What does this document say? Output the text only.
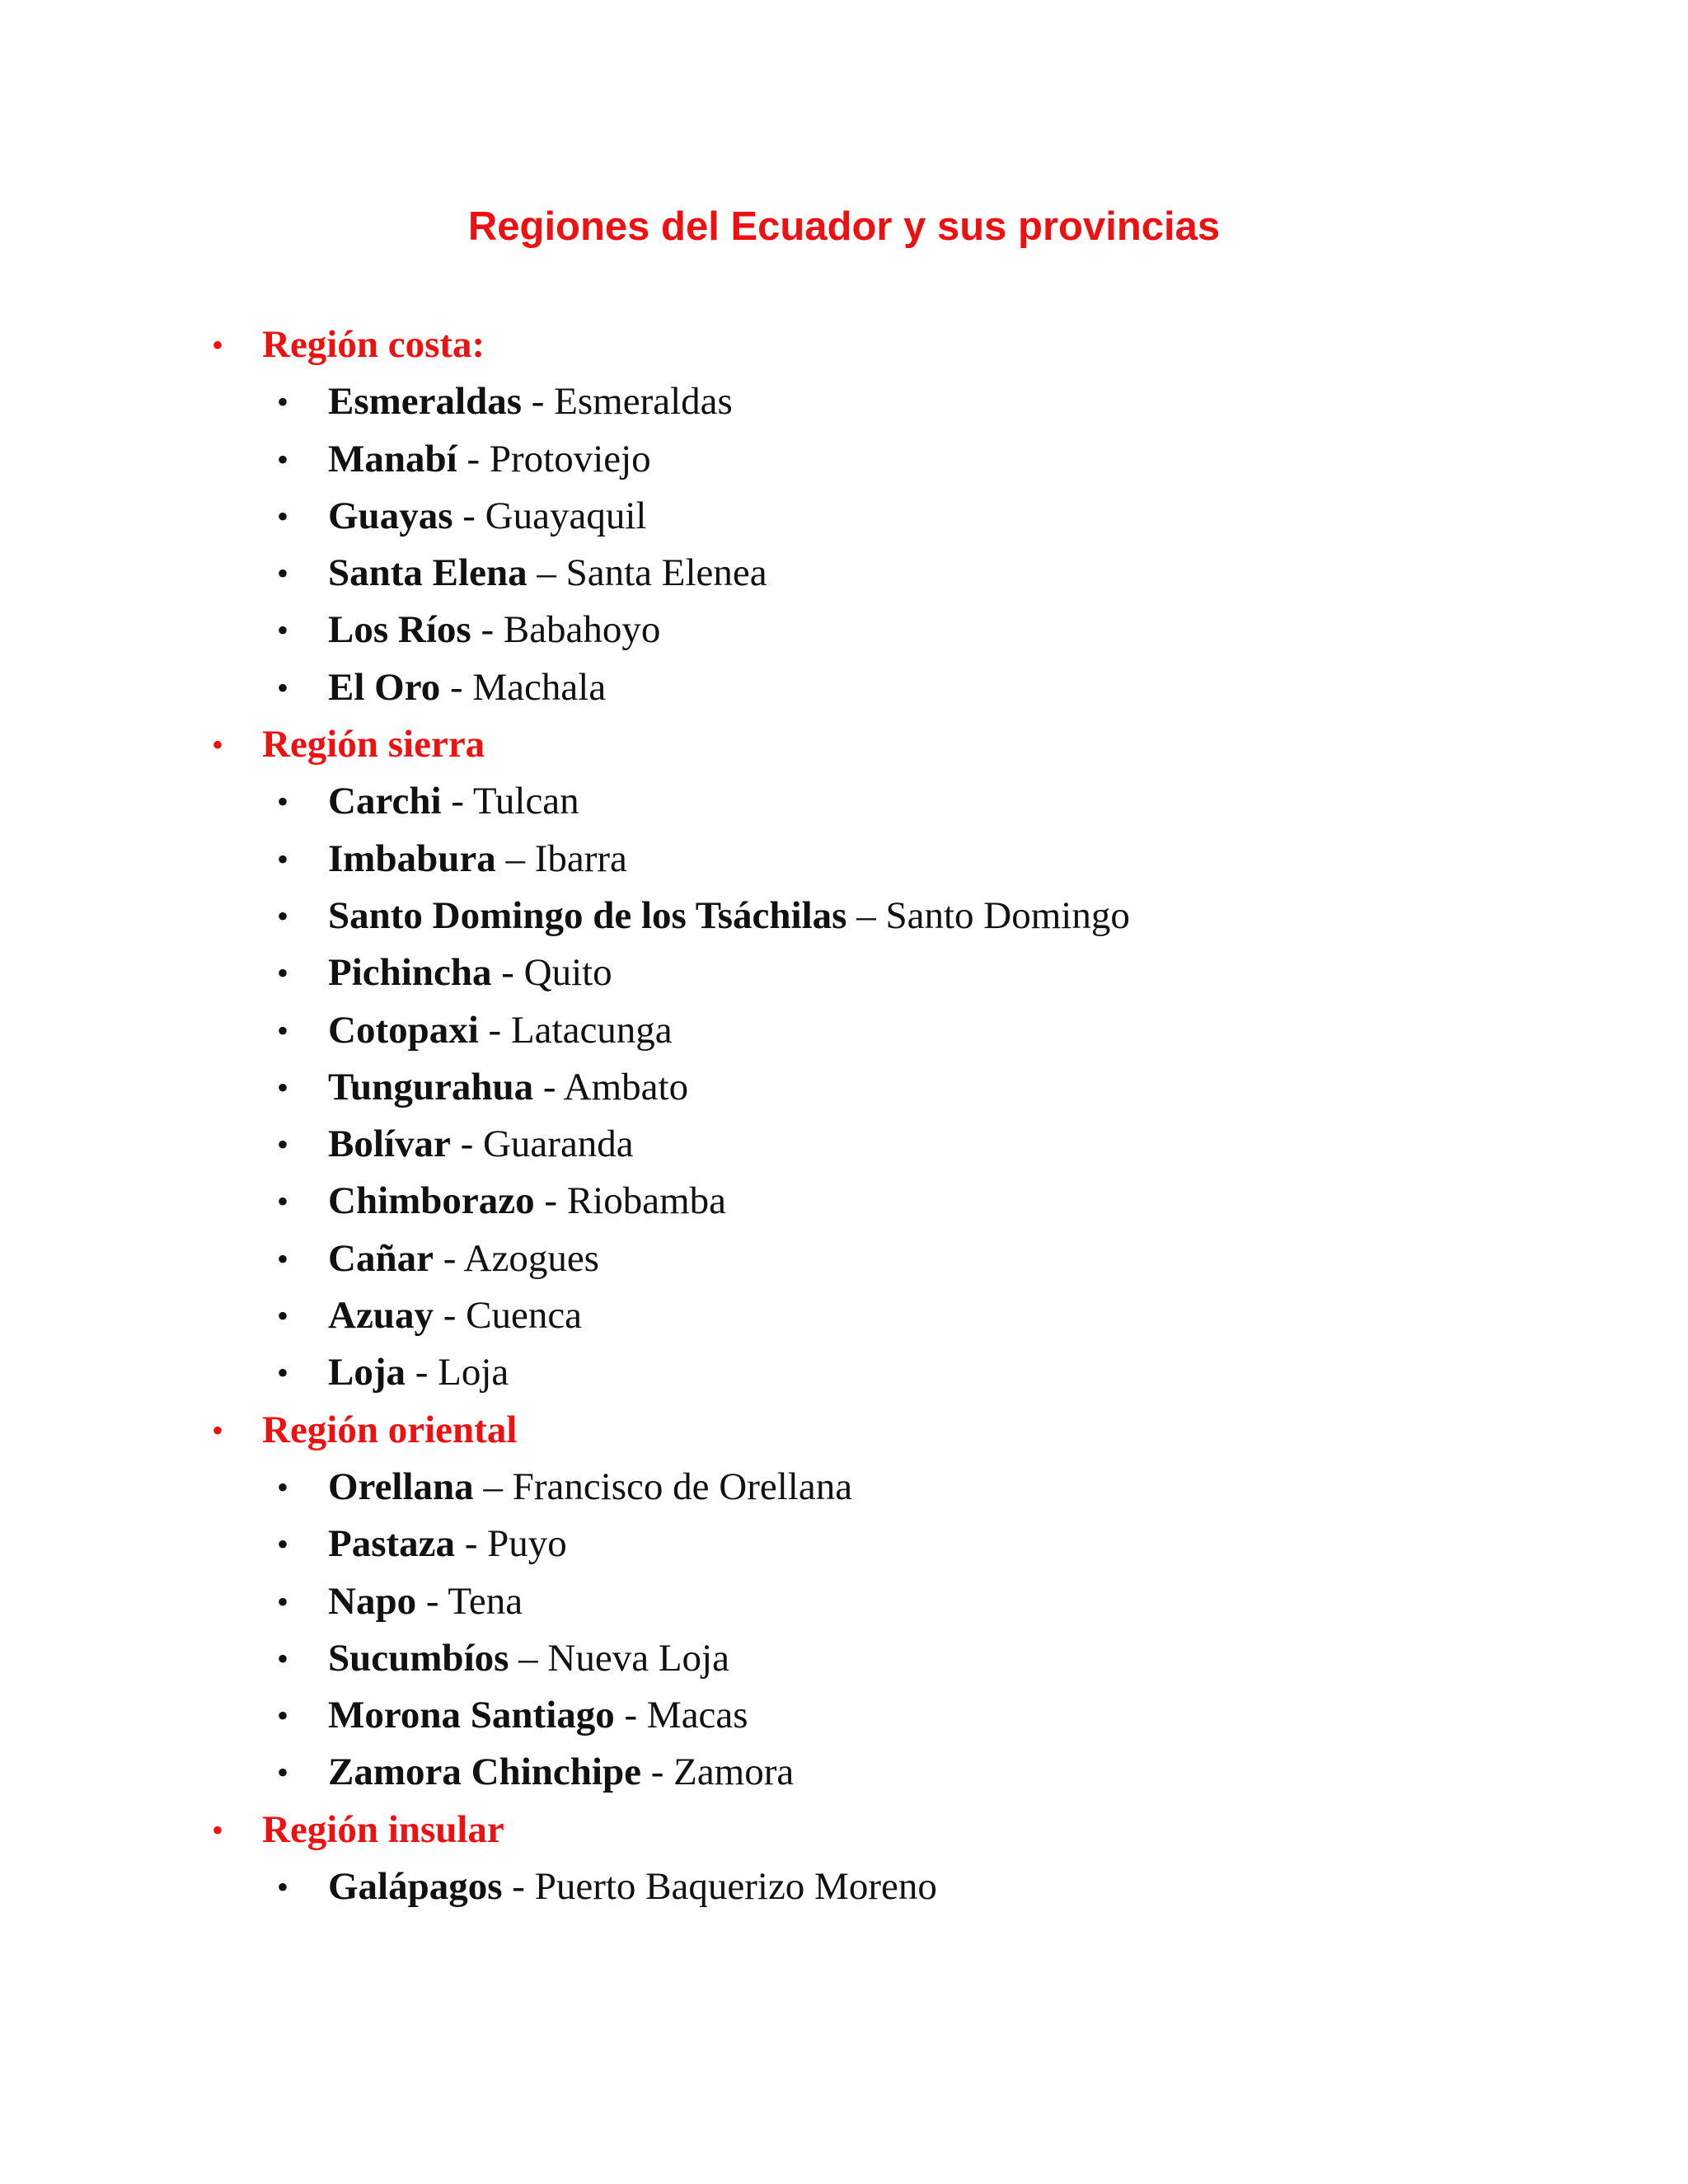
Regiones del Ecuador y sus provincias
• Región costa:
• Esmeraldas - Esmeraldas
• Manabí - Protoviejo
• Guayas - Guayaquil
• Santa Elena – Santa Elenea
• Los Ríos - Babahoyo
• El Oro - Machala
• Región sierra
• Carchi - Tulcan
• Imbabura – Ibarra
• Santo Domingo de los Tsáchilas – Santo Domingo
• Pichincha - Quito
• Cotopaxi - Latacunga
• Tungurahua - Ambato
• Bolívar - Guaranda
• Chimborazo - Riobamba
• Cañar - Azogues
• Azuay - Cuenca
• Loja - Loja
• Región oriental
• Orellana – Francisco de Orellana
• Pastaza - Puyo
• Napo - Tena
• Sucumbíos – Nueva Loja
• Morona Santiago - Macas
• Zamora Chinchipe - Zamora
• Región insular
• Galápagos - Puerto Baquerizo Moreno
